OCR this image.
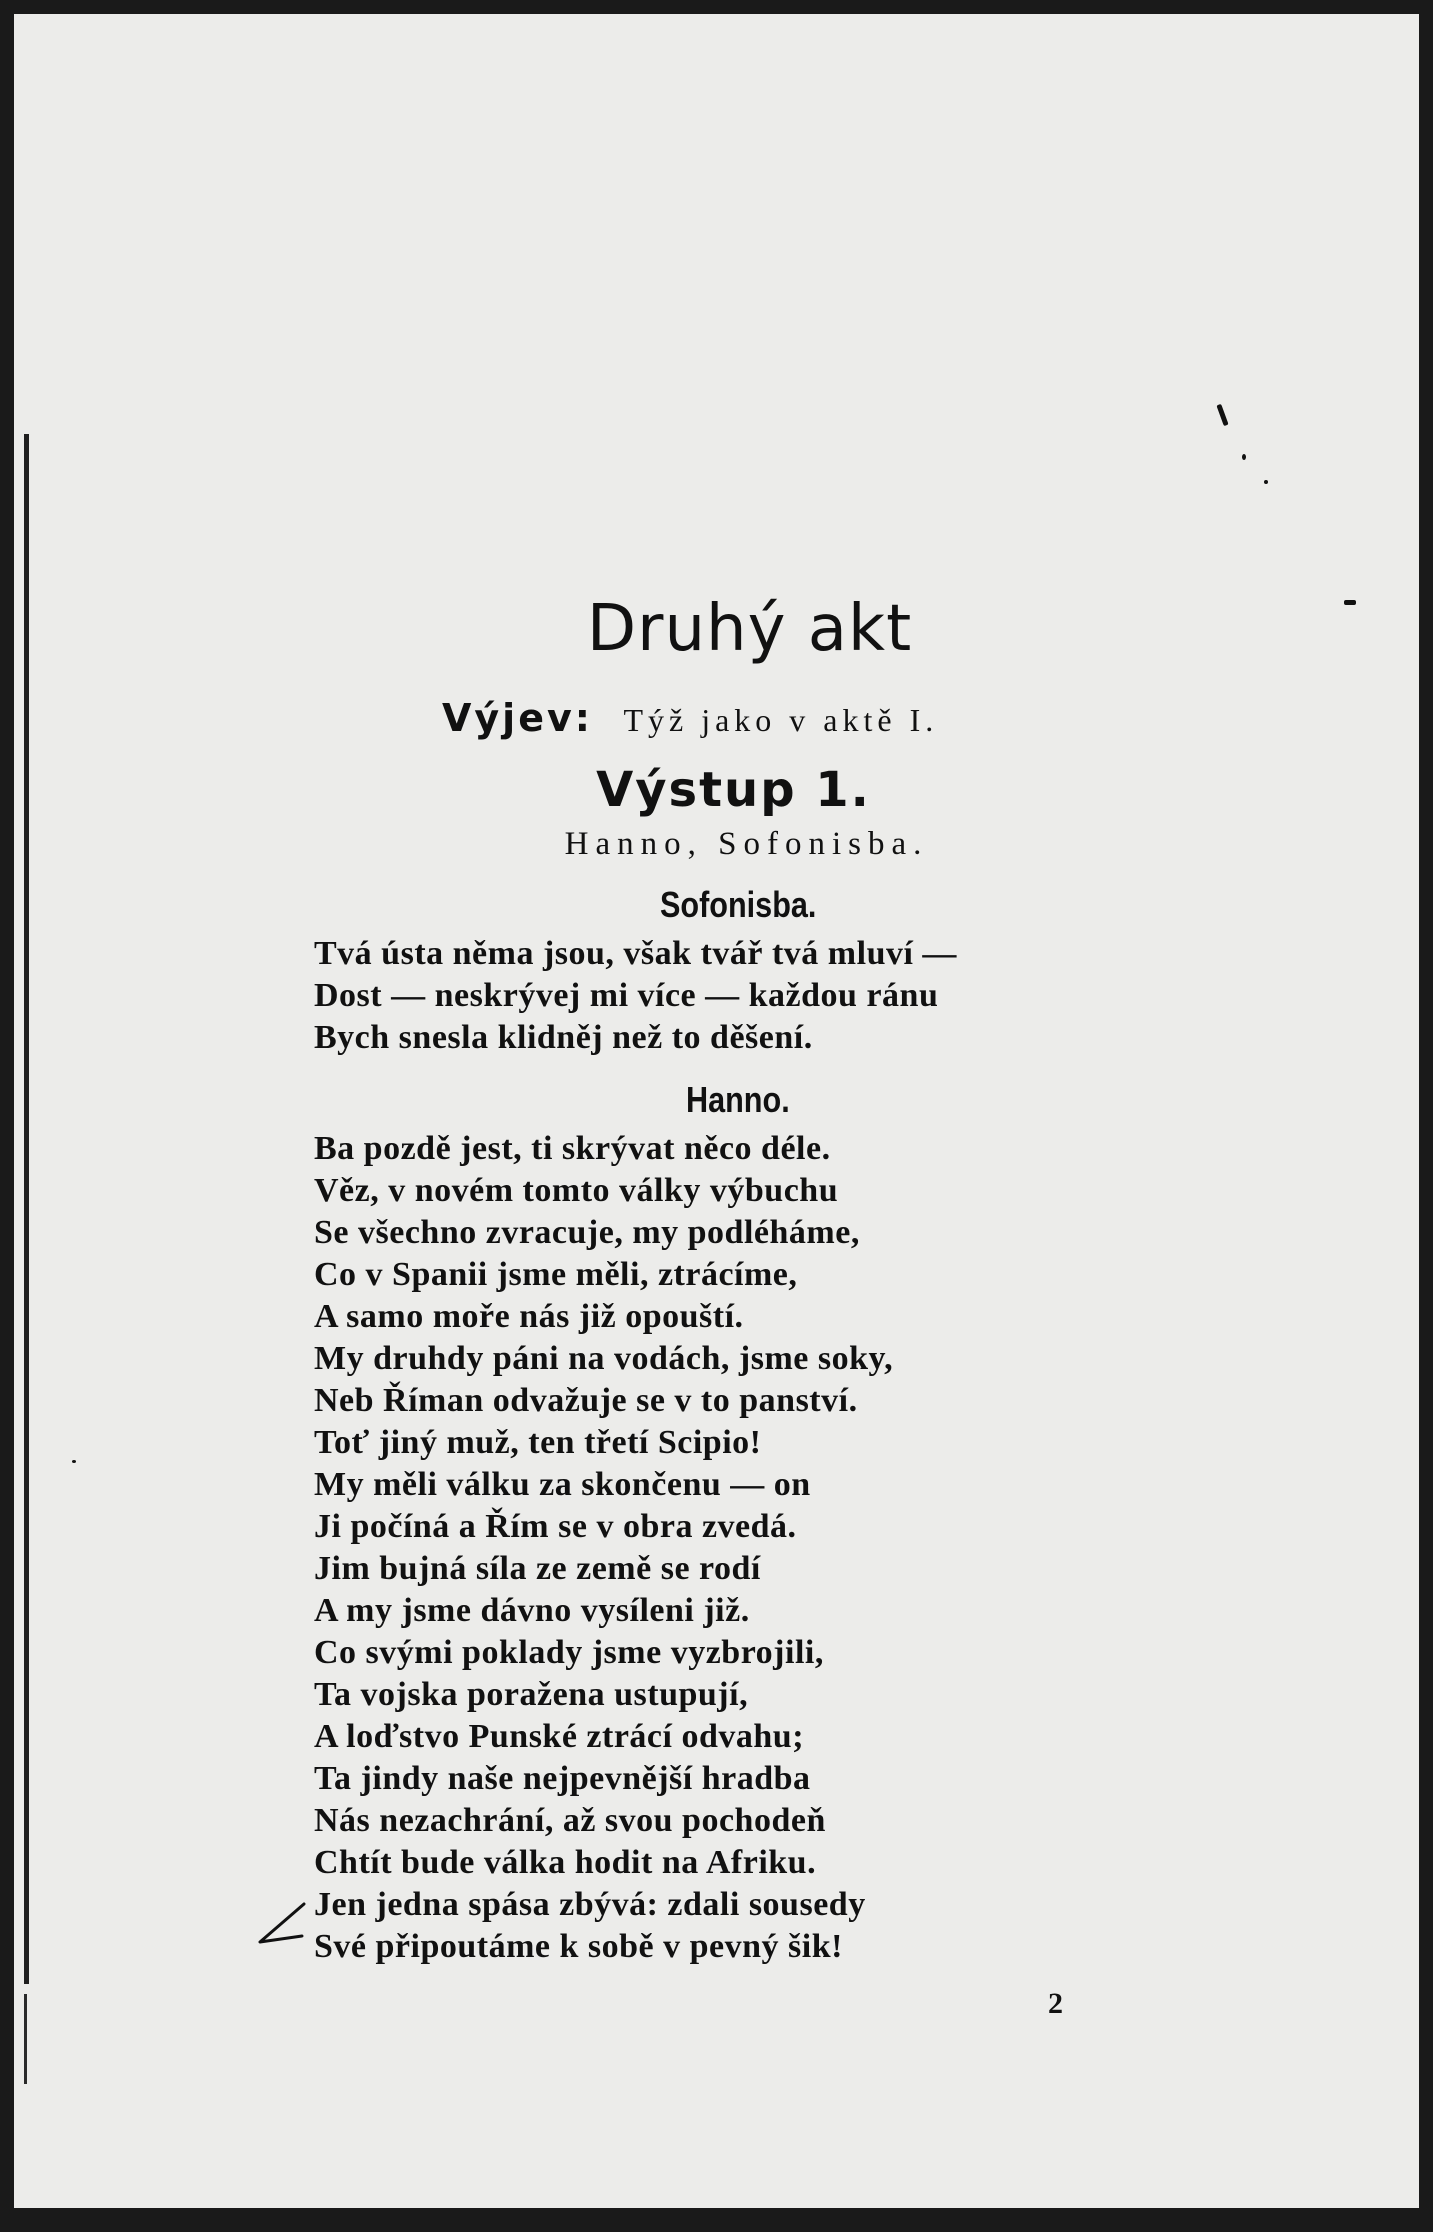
Druhý akt
Výjev: Týž jako v aktě I.
Výstup 1.
Hanno, Sofonisba.
Sofonisba.
Tvá ústa něma jsou, však tvář tvá mluví —
Dost — neskrývej mi více — každou ránu
Bych snesla klidněj než to děšení.
Hanno.
Ba pozdě jest, ti skrývat něco déle.
Věz, v novém tomto války výbuchu
Se všechno zvracuje, my podléháme,
Co v Spanii jsme měli, ztrácíme,
A samo moře nás již opouští.
My druhdy páni na vodách, jsme soky,
Neb Říman odvažuje se v to panství.
Toť jiný muž, ten třetí Scipio!
My měli válku za skončenu — on
Ji počíná a Řím se v obra zvedá.
Jim bujná síla ze země se rodí
A my jsme dávno vysíleni již.
Co svými poklady jsme vyzbrojili,
Ta vojska poražena ustupují,
A loďstvo Punské ztrácí odvahu;
Ta jindy naše nejpevnější hradba
Nás nezachrání, až svou pochodeň
Chtít bude válka hodit na Afriku.
Jen jedna spása zbývá: zdali sousedy
Své připoutáme k sobě v pevný šik!
2
